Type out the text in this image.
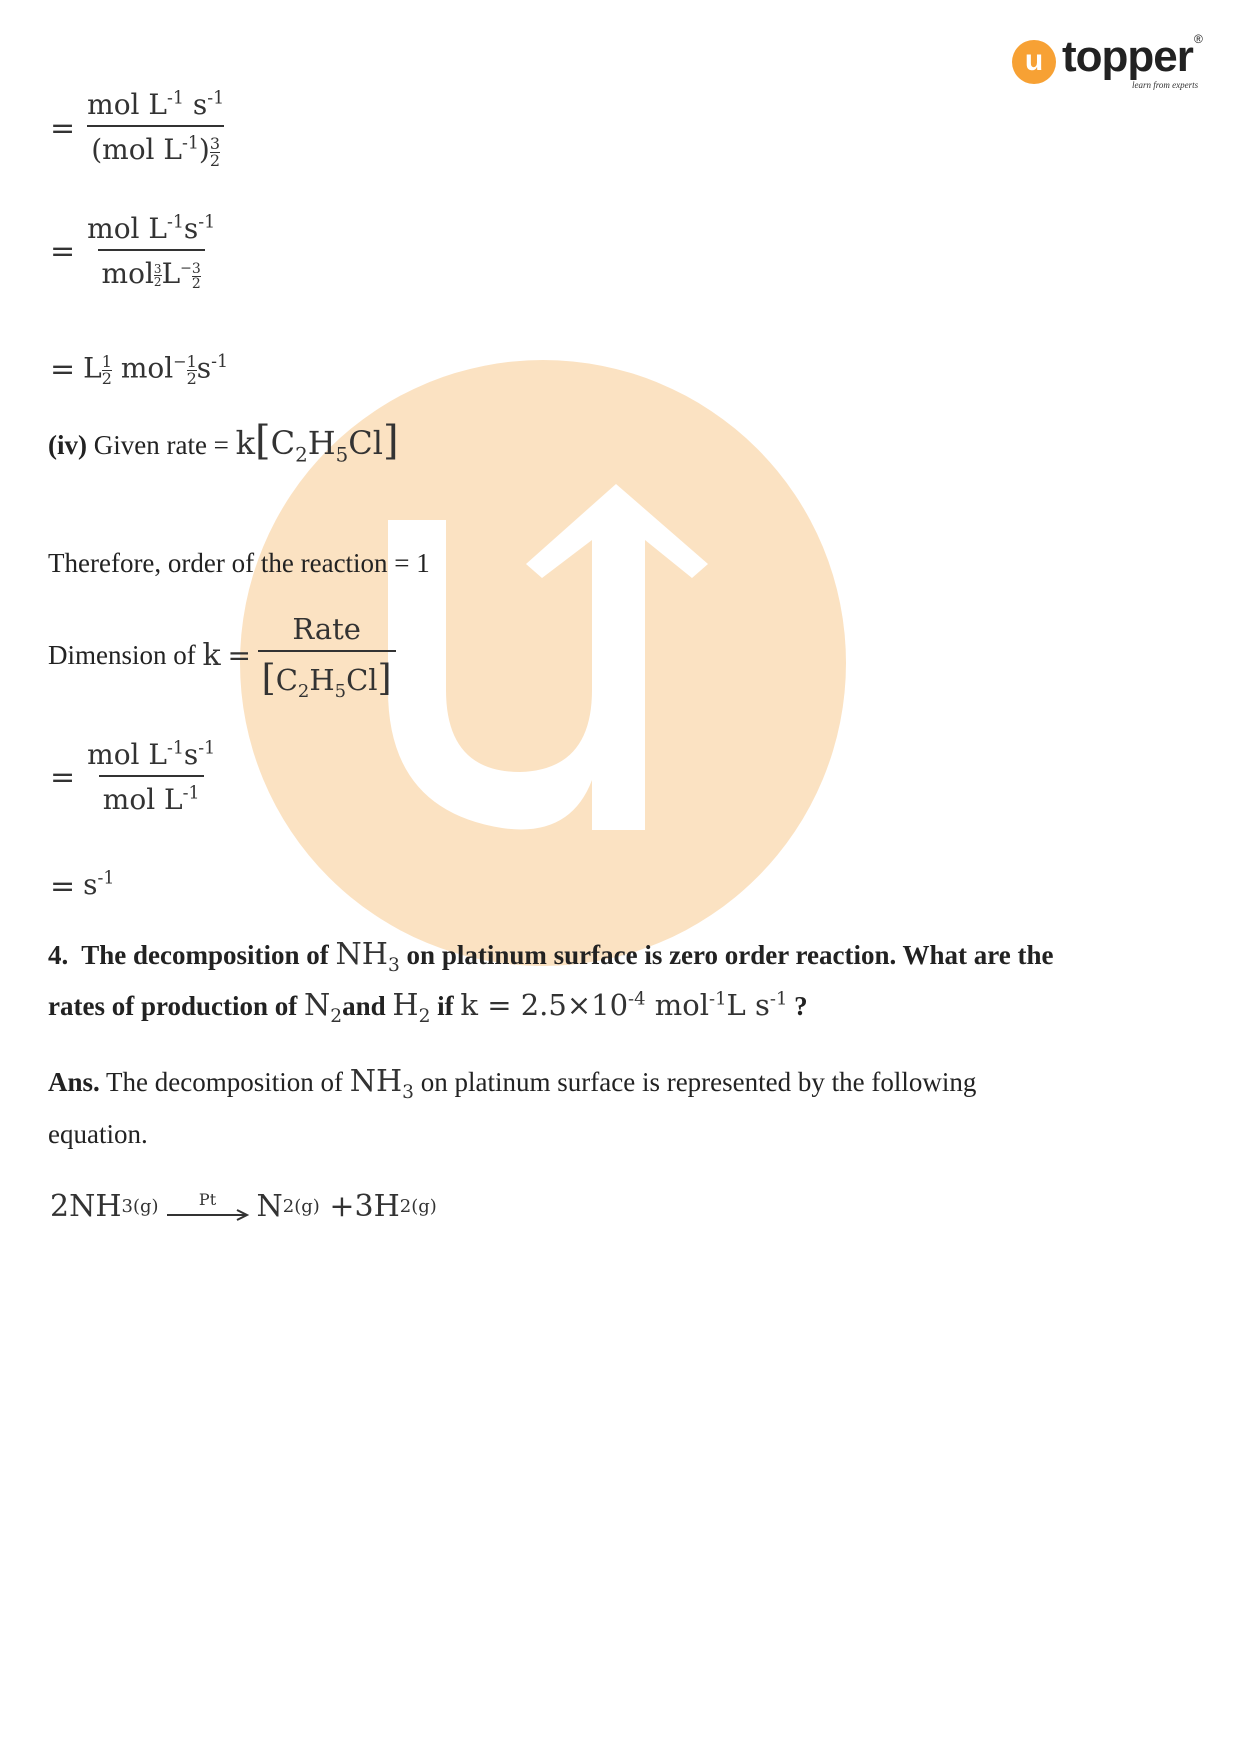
u topper ®
learn from experts
= $\frac{mol L^{-1} s^{-1}}{(mol L^{-1}) \frac{3}{2}}$
= $\frac{mol L^{-1}s^{-1}}{mol \frac{3}{2} L^- \frac{3}{2}}$
= L $\frac{1}{2} mol^- \frac{1}{2} s^{-1}$
(iv) Given rate = $k[C_2H_5Cl]$
Therefore, order of the reaction = 1
Dimension of
k
=
$\frac{\text{Rate}}{[C_2H_5Cl]}$
= $\frac{mol L^{-1}s^{-1}}{mol L^{-1}}$
= $s^{-1}$
4. The decomposition of $NH_3$ on platinum surface is zero order reaction. What are the
rates of production of $N_2and$ $H_2$ if $k = 2.5\times 10^{-4}$ mol$^{-1}$L $s^{-1}$ ?
Ans. The decomposition of $NH_3$ on platinum surface is represented by the following
equation.
2NH 3(g)	Pt N 2(g)
+3H 2(g)
